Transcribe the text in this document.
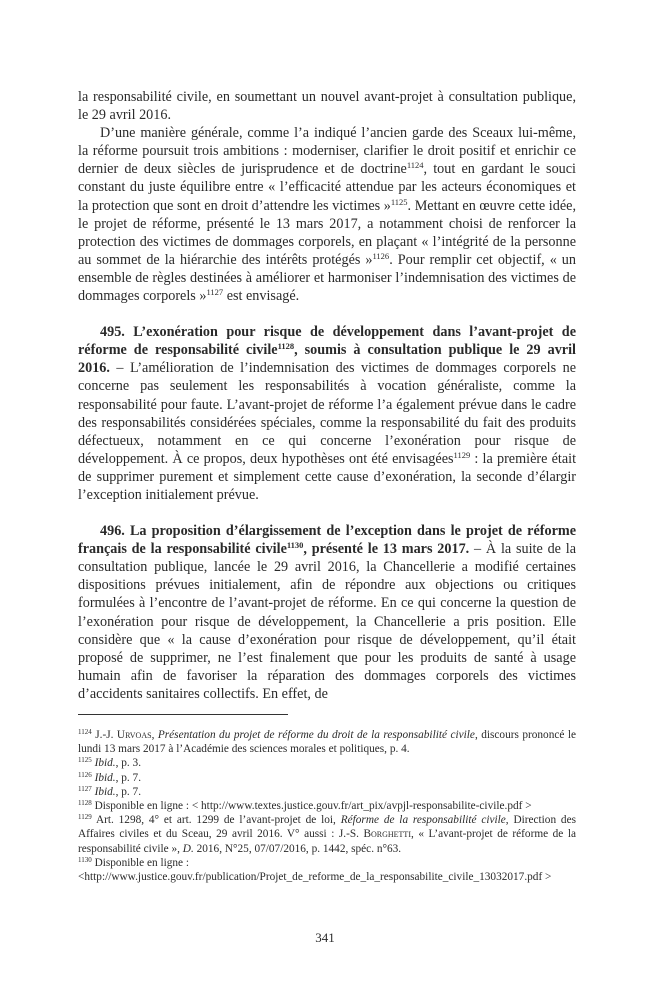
la responsabilité civile, en soumettant un nouvel avant-projet à consultation publique, le 29 avril 2016.

D’une manière générale, comme l’a indiqué l’ancien garde des Sceaux lui-même, la réforme poursuit trois ambitions : moderniser, clarifier le droit positif et enrichir ce dernier de deux siècles de jurisprudence et de doctrine$^{1124}$, tout en gardant le souci constant du juste équilibre entre « l’efficacité attendue par les acteurs économiques et la protection que sont en droit d’attendre les victimes »$^{1125}$. Mettant en œuvre cette idée, le projet de réforme, présenté le 13 mars 2017, a notamment choisi de renforcer la protection des victimes de dommages corporels, en plaçant « l’intégrité de la personne au sommet de la hiérarchie des intérêts protégés »$^{1126}$. Pour remplir cet objectif, « un ensemble de règles destinées à améliorer et harmoniser l’indemnisation des victimes de dommages corporels »$^{1127}$ est envisagé.

495. L’exonération pour risque de développement dans l’avant-projet de réforme de responsabilité civile$^{1128}$, soumis à consultation publique le 29 avril 2016. – L’amélioration de l’indemnisation des victimes de dommages corporels ne concerne pas seulement les responsabilités à vocation généraliste, comme la responsabilité pour faute. L’avant-projet de réforme l’a également prévue dans le cadre des responsabilités considérées spéciales, comme la responsabilité du fait des produits défectueux, notamment en ce qui concerne l’exonération pour risque de développement. À ce propos, deux hypothèses ont été envisagées$^{1129}$ : la première était de supprimer purement et simplement cette cause d’exonération, la seconde d’élargir l’exception initialement prévue.

496. La proposition d’élargissement de l’exception dans le projet de réforme français de la responsabilité civile$^{1130}$, présenté le 13 mars 2017. – À la suite de la consultation publique, lancée le 29 avril 2016, la Chancellerie a modifié certaines dispositions prévues initialement, afin de répondre aux objections ou critiques formulées à l’encontre de l’avant-projet de réforme. En ce qui concerne la question de l’exonération pour risque de développement, la Chancellerie a pris position. Elle considère que « la cause d’exonération pour risque de développement, qu’il était proposé de supprimer, ne l’est finalement que pour les produits de santé à usage humain afin de favoriser la réparation des dommages corporels des victimes d’accidents sanitaires collectifs. En effet, de

$^{1124}$ J.-J. Urvoas, Présentation du projet de réforme du droit de la responsabilité civile, discours prononcé le lundi 13 mars 2017 à l’Académie des sciences morales et politiques, p. 4.

$^{1125}$ Ibid., p. 3.

$^{1126}$ Ibid., p. 7.

$^{1127}$ Ibid., p. 7.

$^{1128}$ Disponible en ligne : < http://www.textes.justice.gouv.fr/art_pix/avpjl-responsabilite-civile.pdf >

$^{1129}$ Art. 1298, 4° et art. 1299 de l’avant-projet de loi, Réforme de la responsabilité civile, Direction des Affaires civiles et du Sceau, 29 avril 2016. V° aussi : J.-S. Borghetti, « L’avant-projet de réforme de la responsabilité civile », D. 2016, N°25, 07/07/2016, p. 1442, spéc. n°63.

$^{1130}$ Disponible en ligne :
<http://www.justice.gouv.fr/publication/Projet_de_reforme_de_la_responsabilite_civile_13032017.pdf >

341
